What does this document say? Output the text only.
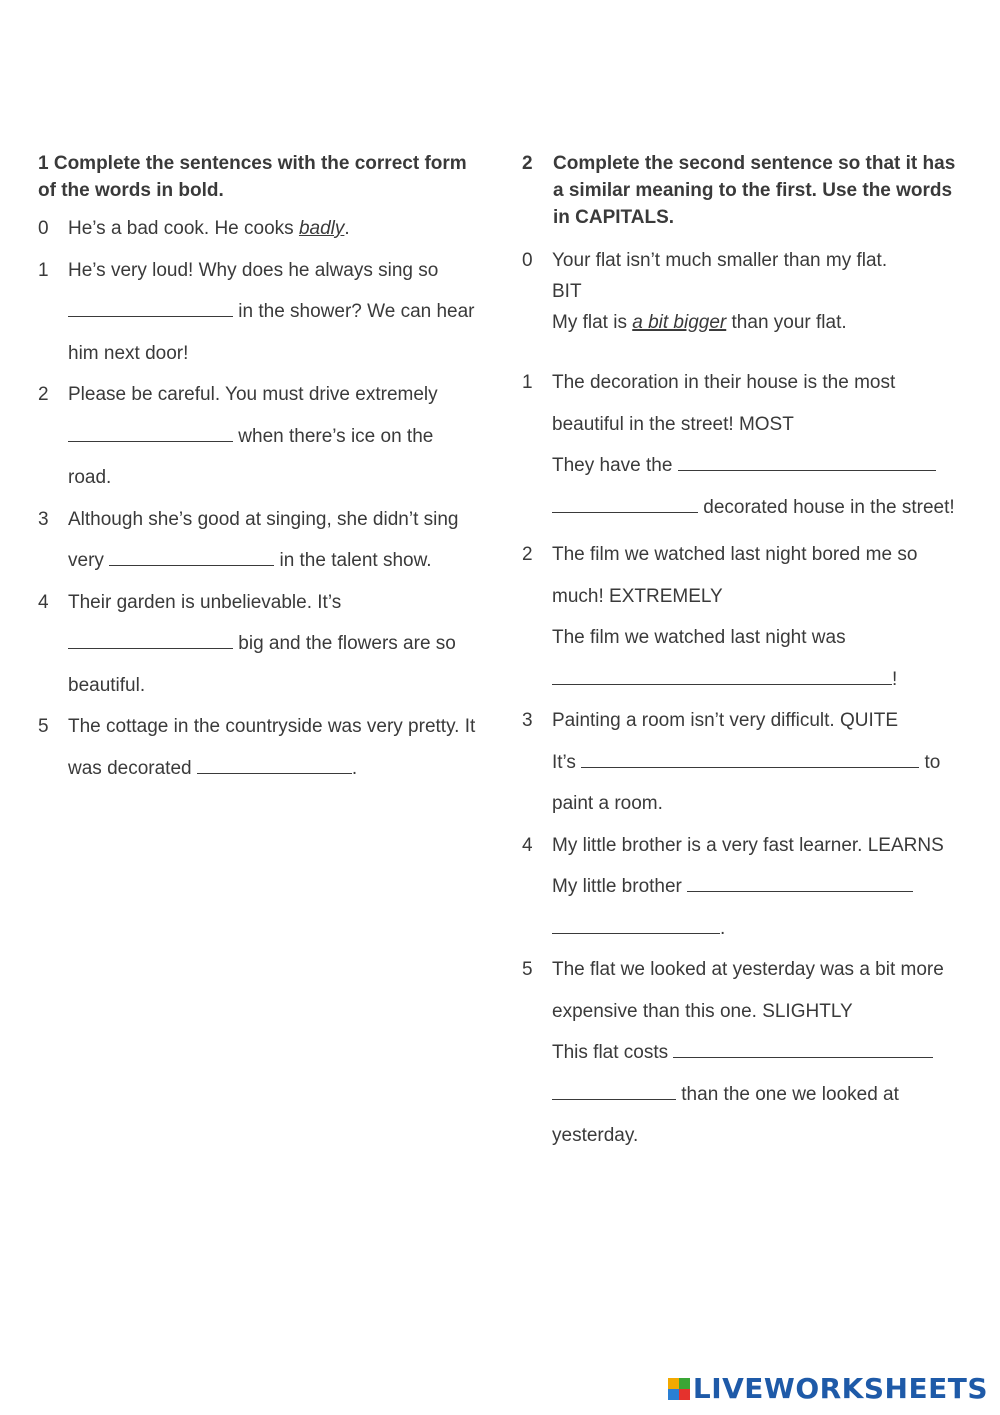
1 Complete the sentences with the correct form of the words in bold.

0 He’s a bad cook. He cooks badly.
1 He’s very loud! Why does he always sing so  in the shower? We can hear him next door!
2 Please be careful. You must drive extremely  when there’s ice on the road.
3 Although she’s good at singing, she didn’t sing very	in the talent show.
4 Their garden is unbelievable. It’s  big and the flowers are so beautiful.
5 The cottage in the countryside was very pretty. It was decorated	.

2 Complete the second sentence so that it has a similar meaning to the first. Use the words in CAPITALS.

0 Your flat isn’t much smaller than my flat.
BIT
My flat is a bit bigger than your flat.
1 The decoration in their house is the most beautiful in the street! MOST
They have the
decorated house in the street!
2 The film we watched last night bored me so much! EXTREMELY
The film we watched last night was
!
3 Painting a room isn’t very difficult. QUITE
It’s	to paint a room.
4 My little brother is a very fast learner. LEARNS
My little brother
.
5 The flat we looked at yesterday was a bit more expensive than this one. SLIGHTLY
This flat costs
than the one we looked at yesterday.
LIVEWORKSHEETS
